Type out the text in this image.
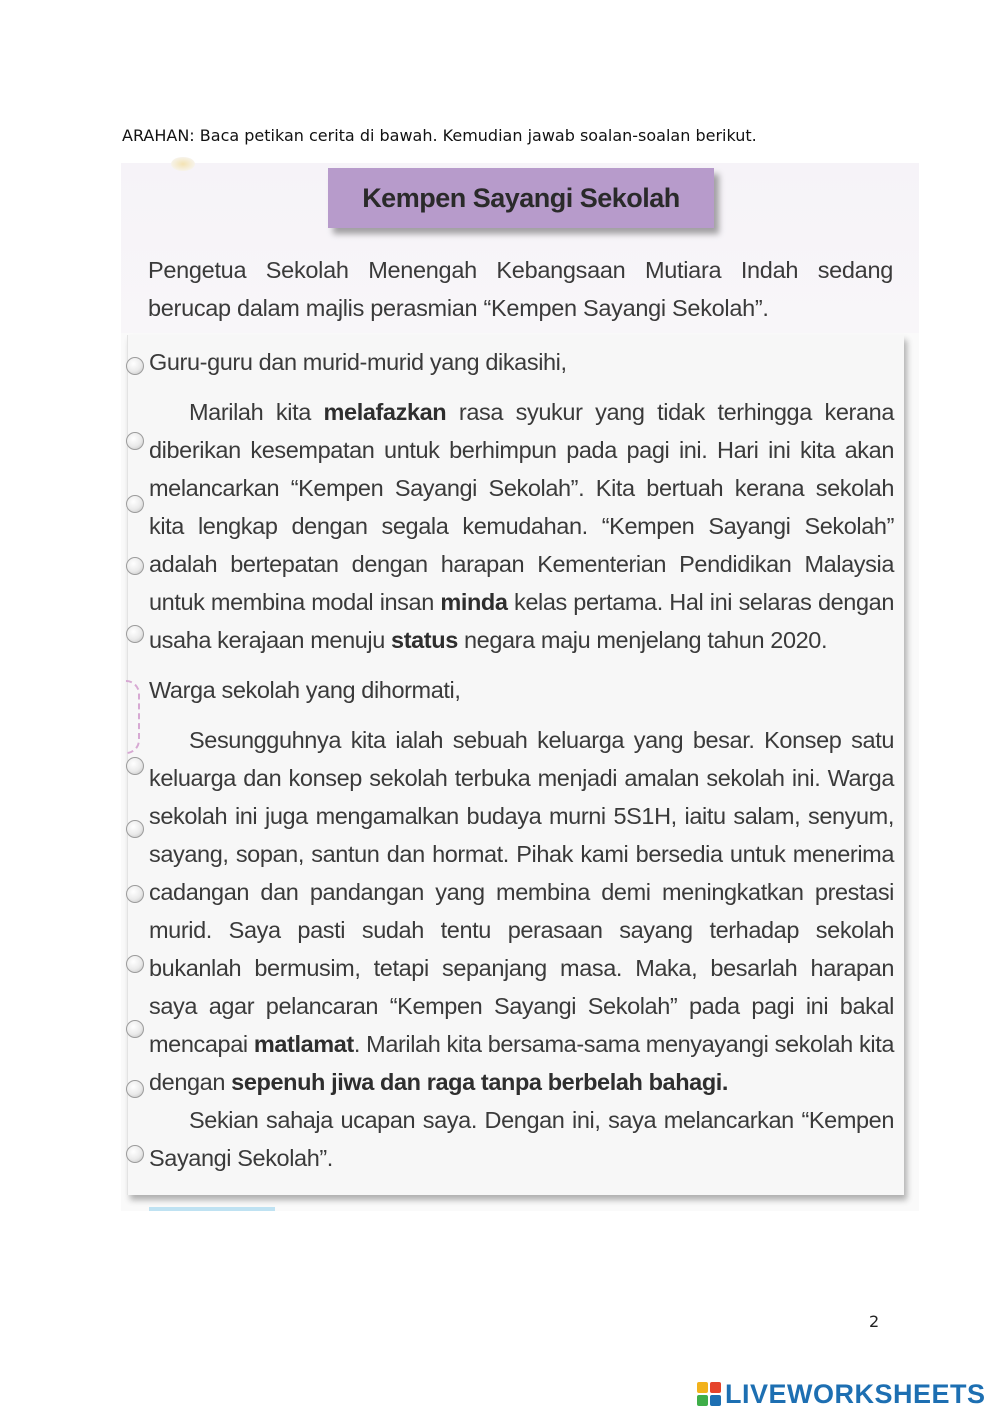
ARAHAN: Baca petikan cerita di bawah. Kemudian jawab soalan-soalan berikut.
Kempen Sayangi Sekolah
Pengetua Sekolah Menengah Kebangsaan Mutiara Indah sedang berucap dalam majlis perasmian “Kempen Sayangi Sekolah”.

Guru-guru dan murid-murid yang dikasihi,

Marilah kita melafazkan rasa syukur yang tidak terhingga kerana diberikan kesempatan untuk berhimpun pada pagi ini. Hari ini kita akan melancarkan “Kempen Sayangi Sekolah”. Kita bertuah kerana sekolah kita lengkap dengan segala kemudahan. “Kempen Sayangi Sekolah” adalah bertepatan dengan harapan Kementerian Pendidikan Malaysia untuk membina modal insan minda kelas pertama. Hal ini selaras dengan usaha kerajaan menuju status negara maju menjelang tahun 2020.

Warga sekolah yang dihormati,

Sesungguhnya kita ialah sebuah keluarga yang besar. Konsep satu keluarga dan konsep sekolah terbuka menjadi amalan sekolah ini. Warga sekolah ini juga mengamalkan budaya murni 5S1H, iaitu salam, senyum, sayang, sopan, santun dan hormat. Pihak kami bersedia untuk menerima cadangan dan pandangan yang membina demi meningkatkan prestasi murid. Saya pasti sudah tentu perasaan sayang terhadap sekolah bukanlah bermusim, tetapi sepanjang masa. Maka, besarlah harapan saya agar pelancaran “Kempen Sayangi Sekolah” pada pagi ini bakal mencapai matlamat. Marilah kita bersama-sama menyayangi sekolah kita dengan sepenuh jiwa dan raga tanpa berbelah bahagi.

Sekian sahaja ucapan saya. Dengan ini, saya melancarkan “Kempen Sayangi Sekolah”.

2
LIVEWORKSHEETS
